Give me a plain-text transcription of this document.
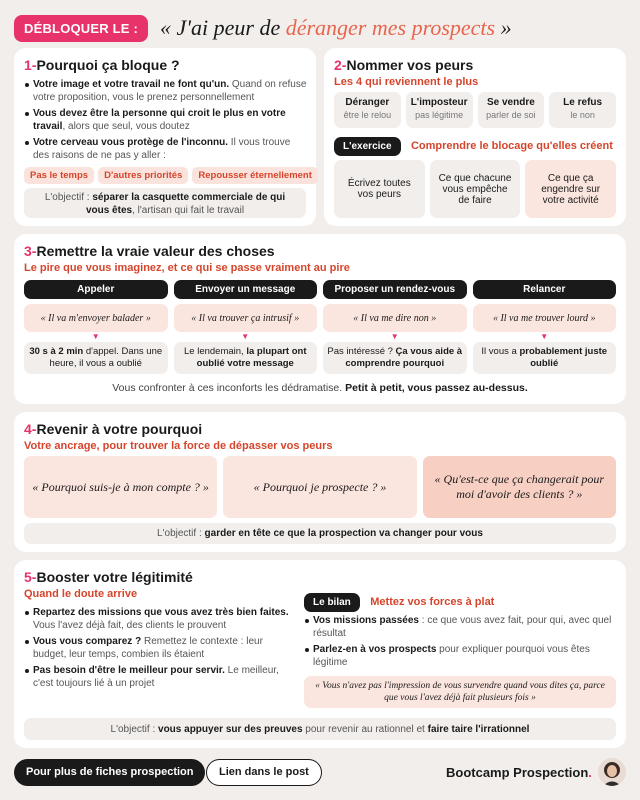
DÉBLOQUER LE :	« J'ai peur de déranger mes prospects »
1-Pourquoi ça bloque ?
Votre image et votre travail ne font qu'un. Quand on refuse votre proposition, vous le prenez personnellement
Vous devez être la personne qui croit le plus en votre travail, alors que seul, vous doutez
Votre cerveau vous protège de l'inconnu. Il vous trouve des raisons de ne pas y aller :
Pas le temps D'autres priorités Repousser éternellement
L'objectif : séparer la casquette commerciale de qui vous êtes, l'artisan qui fait le travail
2-Nommer vos peurs
Les 4 qui reviennent le plus
Déranger
être le relou
L'imposteur
pas légitime
Se vendre
parler de soi
Le refus
le non
L'exercice Comprendre le blocage qu'elles créent
Écrivez toutes vos peurs
Ce que chacune vous empêche de faire
Ce que ça engendre sur votre activité
3-Remettre la vraie valeur des choses
Le pire que vous imaginez, et ce qui se passe vraiment au pire
Appeler
« Il va m'envoyer balader »
▼
30 s à 2 min d'appel. Dans une heure, il vous a oublié
Envoyer un message
« Il va trouver ça intrusif »
▼
Le lendemain, la plupart ont oublié votre message
Proposer un rendez-vous
« Il va me dire non »
▼
Pas intéressé ? Ça vous aide à comprendre pourquoi
Relancer
« Il va me trouver lourd »
▼
Il vous a probablement juste oublié
Vous confronter à ces inconforts les dédramatise. Petit à petit, vous passez au-dessus.
4-Revenir à votre pourquoi
Votre ancrage, pour trouver la force de dépasser vos peurs
« Pourquoi suis-je à mon compte ? »	« Pourquoi je prospecte ? »
« Qu'est-ce que ça changerait pour moi d'avoir des clients ? »
L'objectif : garder en tête ce que la prospection va changer pour vous
5-Booster votre légitimité
Quand le doute arrive
Repartez des missions que vous avez très bien faites. Vous l'avez déjà fait, des clients le prouvent
Vous vous comparez ? Remettez le contexte : leur budget, leur temps, combien ils étaient
Pas besoin d'être le meilleur pour servir. Le meilleur, c'est toujours lié à un projet
Le bilan Mettez vos forces à plat
Vos missions passées : ce que vous avez fait, pour qui, avec quel résultat
Parlez-en à vos prospects pour expliquer pourquoi vous êtes légitime
« Vous n'avez pas l'impression de vous survendre quand vous dites ça, parce que vous l'avez déjà fait plusieurs fois »
L'objectif : vous appuyer sur des preuves pour revenir au rationnel et faire taire l'irrationnel
Pour plus de fiches prospection	Lien dans le post	Bootcamp Prospection.
